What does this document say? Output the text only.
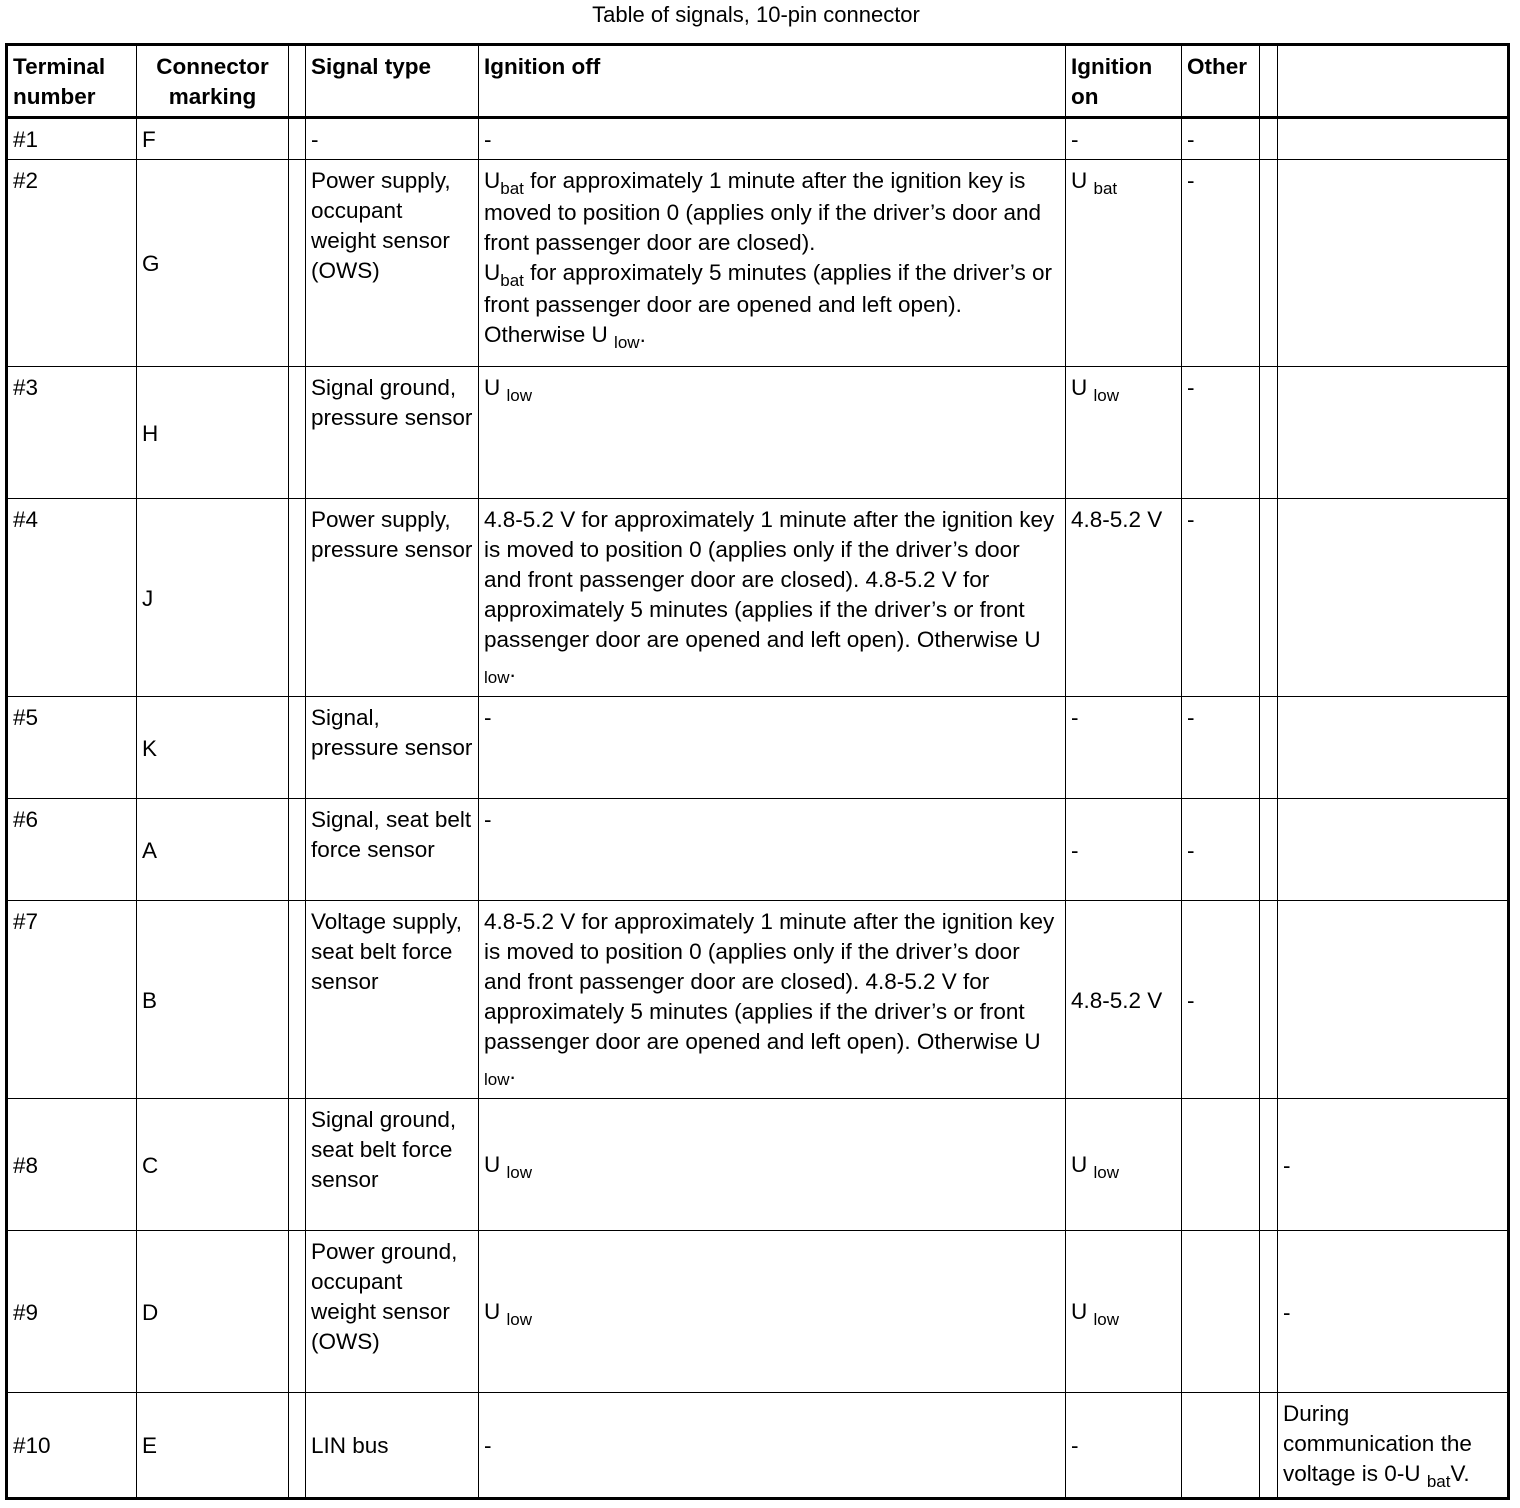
Table of signals, 10-pin connector
Terminal number	Connector marking		Signal type	Ignition off	Ignition on	Other		
#1	F		-	-	-	-		
#2	G		Power supply, occupant weight sensor (OWS)	$U_{bat}$ for approximately 1 minute after the ignition key is moved to position 0 (applies only if the driver’s door and front passenger door are closed).
$U_{bat}$ for approximately 5 minutes (applies if the driver’s or front passenger door are opened and left open). Otherwise U $_{low}$.	U $_{bat}$	-		
#3	H		Signal ground, pressure sensor	U $_{low}$	U $_{low}$	-		
#4	J		Power supply, pressure sensor	4.8-5.2 V for approximately 1 minute after the ignition key is moved to position 0 (applies only if the driver’s door and front passenger door are closed). 4.8-5.2 V for approximately 5 minutes (applies if the driver’s or front passenger door are opened and left open). Otherwise U $_{low}$.	4.8-5.2 V	-		
#5	K		Signal, pressure sensor	-	-	-		
#6	A		Signal, seat belt force sensor	-	-	-		
#7	B		Voltage supply, seat belt force sensor	4.8-5.2 V for approximately 1 minute after the ignition key is moved to position 0 (applies only if the driver’s door and front passenger door are closed). 4.8-5.2 V for approximately 5 minutes (applies if the driver’s or front passenger door are opened and left open). Otherwise U $_{low}$.	4.8-5.2 V	-		
#8	C		Signal ground, seat belt force sensor	U $_{low}$	U $_{low}$			-
#9	D		Power ground, occupant weight sensor (OWS)	U $_{low}$	U $_{low}$			-
#10	E		LIN bus	-	-			During communication the voltage is 0-U $_{bat}$V.
